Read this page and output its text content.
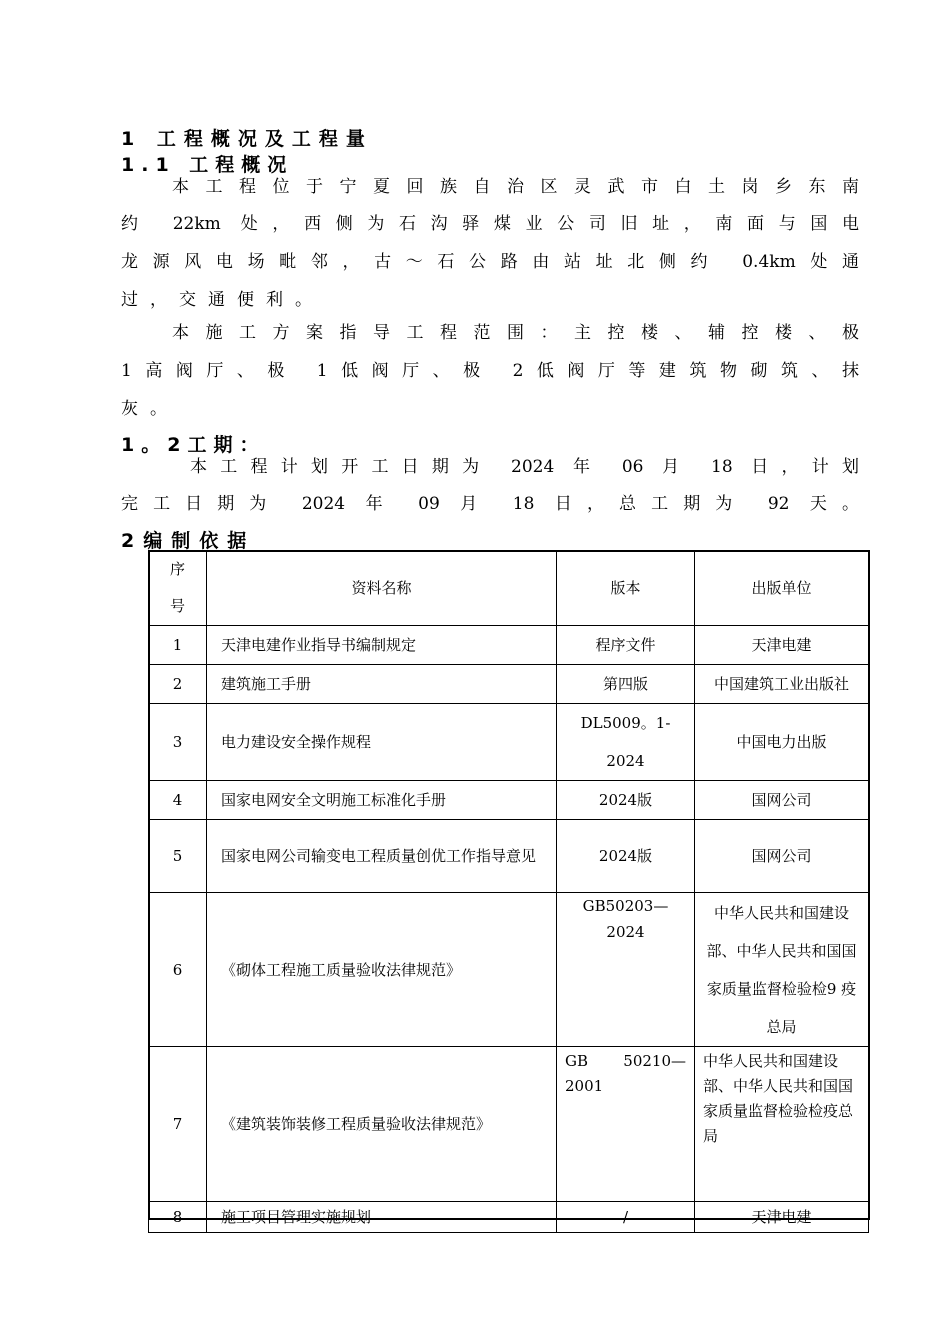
1 工程概况及工程量
1.1 工程概况
本工程位于宁夏回族自治区灵武市白土岗乡东南
约 22km 处，西侧为石沟驿煤业公司旧址，南面与国电
龙源风电场毗邻，古～石公路由站址北侧约 0.4km处通
过，交通便利。
本施工方案指导工程范围：主控楼、辅控楼、极
1高阀厅、极 1低阀厅、极 2低阀厅等建筑物砌筑、抹
灰。
1。2工期：
本工程计划开工日期为 2024 年 06 月 18 日，计划
完工日期为 2024 年 09 月 18 日，总工期为 92 天。
2编制依据
序号	资料名称	版本	出版单位
1	天津电建作业指导书编制规定	程序文件	天津电建
2	建筑施工手册	第四版	中国建筑工业出版社
3	电力建设安全操作规程	DL5009。1-2024	中国电力出版
4	国家电网安全文明施工标准化手册	2024版	国网公司
5	国家电网公司输变电工程质量创优工作指导意见	2024版	国网公司
6	《砌体工程施工质量验收法律规范》	GB50203—2024	中华人民共和国建设部、中华人民共和国国家质量监督检验检9 疫总局
7	《建筑装饰装修工程质量验收法律规范》	GB 50210—2001	中华人民共和国建设部、中华人民共和国国家质量监督检验检疫总局
8	施工项目管理实施规划	/	天津电建
